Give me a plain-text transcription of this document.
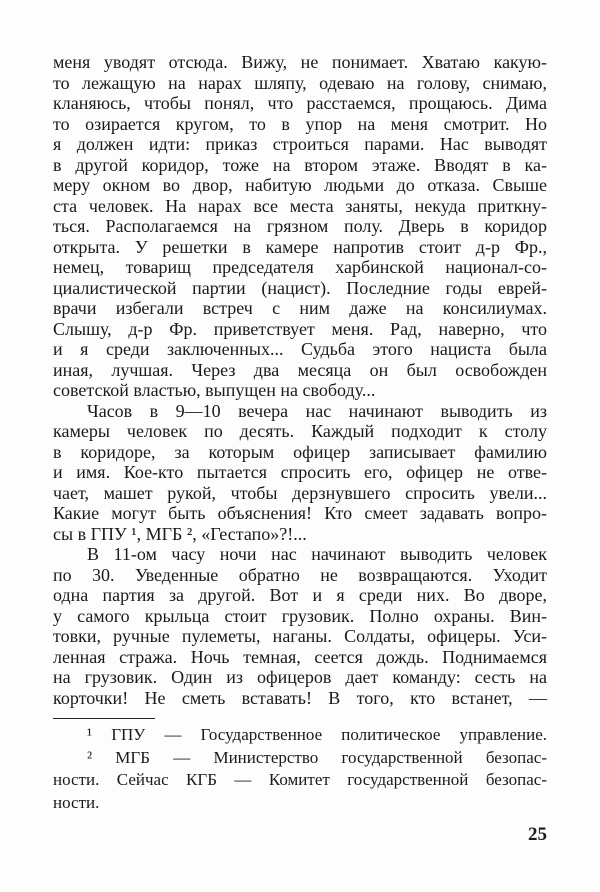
меня уводят отсюда. Вижу, не понимает. Хватаю какую-
то лежащую на нарах шляпу, одеваю на голову, снимаю,
кланяюсь, чтобы понял, что расстаемся, прощаюсь. Дима
то озирается кругом, то в упор на меня смотрит. Но
я должен идти: приказ строиться парами. Нас выводят
в другой коридор, тоже на втором этаже. Вводят в ка-
меру окном во двор, набитую людьми до отказа. Свыше
ста человек. На нарах все места заняты, некуда приткну-
ться. Располагаемся на грязном полу. Дверь в коридор
открыта. У решетки в камере напротив стоит д-р Фр.,
немец, товарищ председателя харбинской национал-со-
циалистической партии (нацист). Последние годы еврей-
врачи избегали встреч с ним даже на консилиумах.
Слышу, д-р Фр. приветствует меня. Рад, наверно, что
и я среди заключенных... Судьба этого нациста была
иная, лучшая. Через два месяца он был освобожден
советской властью, выпущен на свободу...
Часов в 9—10 вечера нас начинают выводить из
камеры человек по десять. Каждый подходит к столу
в коридоре, за которым офицер записывает фамилию
и имя. Кое-кто пытается спросить его, офицер не отве-
чает, машет рукой, чтобы дерзнувшего спросить увели...
Какие могут быть объяснения! Кто смеет задавать вопро-
сы в ГПУ ¹, МГБ ², «Гестапо»?!...
В 11-ом часу ночи нас начинают выводить человек
по 30. Уведенные обратно не возвращаются. Уходит
одна партия за другой. Вот и я среди них. Во дворе,
у самого крыльца стоит грузовик. Полно охраны. Вин-
товки, ручные пулеметы, наганы. Солдаты, офицеры. Уси-
ленная стража. Ночь темная, сеется дождь. Поднимаемся
на грузовик. Один из офицеров дает команду: сесть на
корточки! Не сметь вставать! В того, кто встанет, —
¹ ГПУ — Государственное политическое управление.
² МГБ — Министерство государственной безопас-
ности. Сейчас КГБ — Комитет государственной безопас-
ности.
25
